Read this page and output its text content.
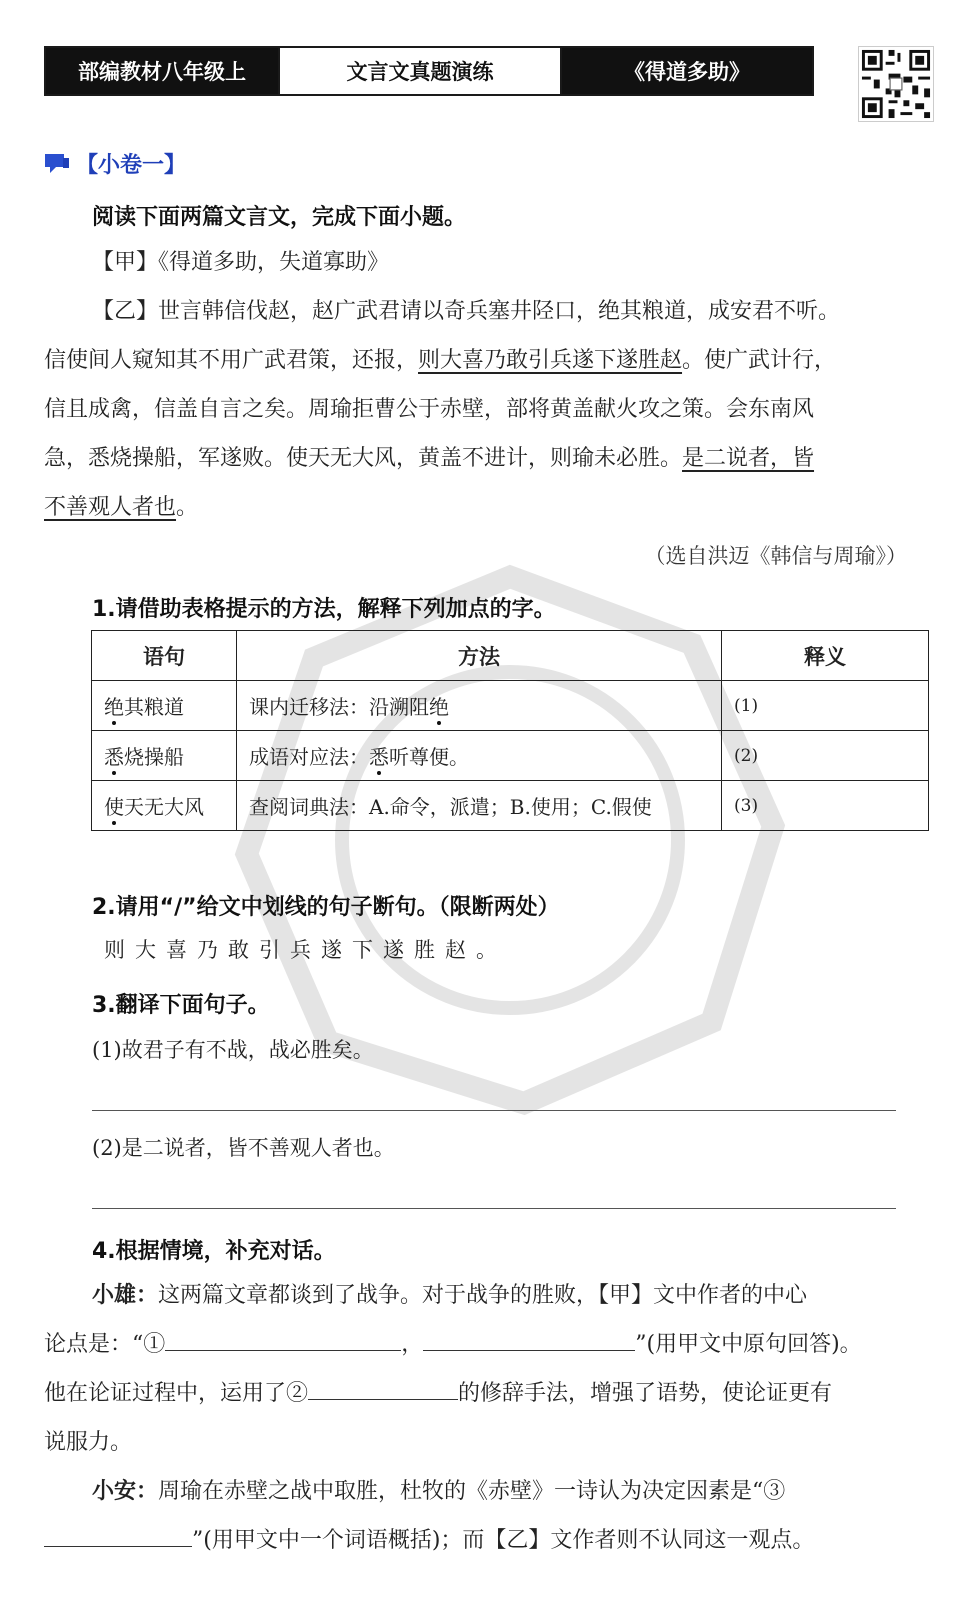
部编教材八年级上	文言文真题演练	《得道多助》
【小卷一】
阅读下面两篇文言文，完成下面小题。
【甲】《得道多助，失道寡助》
【乙】世言韩信伐赵，赵广武君请以奇兵塞井陉口，绝其粮道，成安君不听。
信使间人窥知其不用广武君策，还报，则大喜乃敢引兵遂下遂胜赵。使广武计行，
信且成禽，信盖自言之矣。周瑜拒曹公于赤壁，部将黄盖献火攻之策。会东南风
急，悉烧操船，军遂败。使天无大风，黄盖不进计，则瑜未必胜。是二说者，皆
不善观人者也。
（选自洪迈《韩信与周瑜》）
1.请借助表格提示的方法，解释下列加点的字。
语句	方法	释义
绝其粮道	课内迁移法：沿溯阻绝	(1)
悉烧操船	成语对应法：悉听尊便。	(2)
使天无大风	查阅词典法：A.命令，派遣；B.使用；C.假使	(3)
2.请用“/”给文中划线的句子断句。（限断两处）
则大喜乃敢引兵遂下遂胜赵。
3.翻译下面句子。
(1)故君子有不战，战必胜矣。
(2)是二说者，皆不善观人者也。
4.根据情境，补充对话。
小雄：这两篇文章都谈到了战争。对于战争的胜败，【甲】文中作者的中心
论点是：“①	，	”(用甲文中原句回答)。
他在论证过程中，运用了②	的修辞手法，增强了语势，使论证更有
说服力。
小安：周瑜在赤壁之战中取胜，杜牧的《赤壁》一诗认为决定因素是“③
”(用甲文中一个词语概括)；而【乙】文作者则不认同这一观点。
